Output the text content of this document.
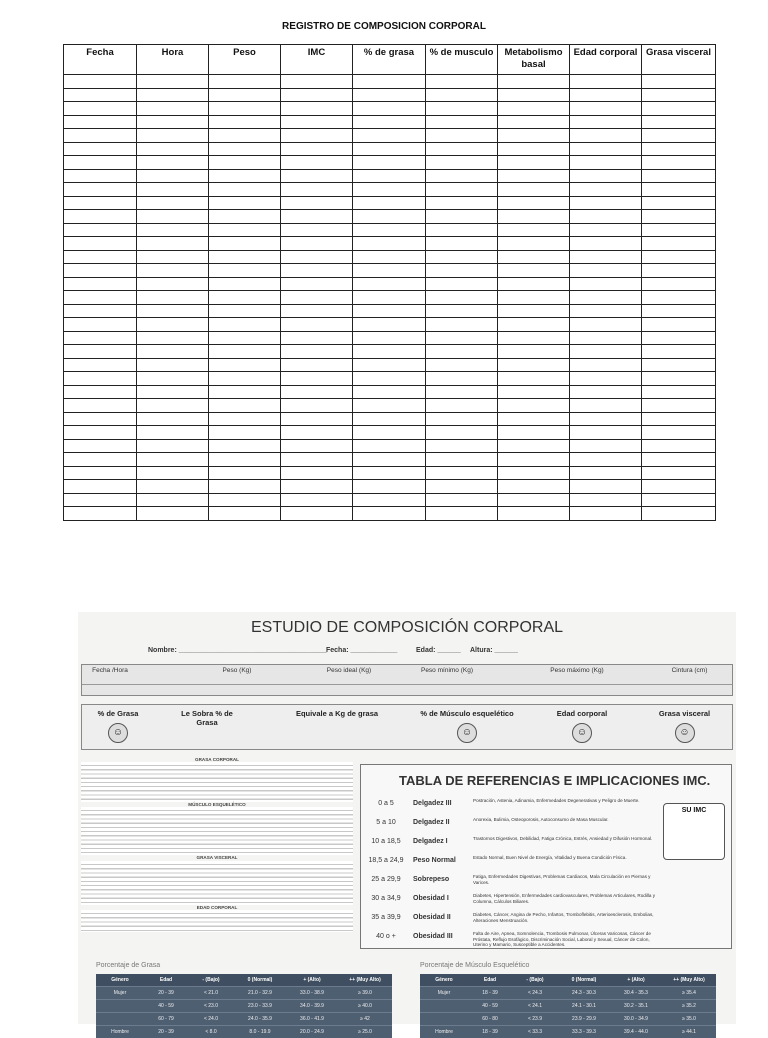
REGISTRO DE COMPOSICION CORPORAL
Fecha	Hora	Peso	IMC	% de grasa	% de musculo	Metabolismo basal	Edad corporal	Grasa visceral

ESTUDIO DE COMPOSICIÓN CORPORAL
Nombre: ______________________________________ Fecha: ____________	Edad: ______ Altura: ______
Fecha /Hora	Peso (Kg)	Peso ideal (Kg)	Peso mínimo (Kg)	Peso máximo (Kg)	Cintura (cm)
% de Grasa
☺
Le Sobra % de Grasa
Equivale a Kg de grasa	% de Músculo esquelético
☺
Edad corporal
☺
Grasa visceral
☺
GRASA CORPORAL
MÚSCULO ESQUELÉTICO
GRASA VISCERAL
EDAD CORPORAL
TABLA DE REFERENCIAS E IMPLICACIONES IMC.
0 a 5	Delgadez III	Postración, Astenia, Adinamia, Enfermedades Degenerativas y Peligro de Muerte.
5 a 10	Delgadez II	Anorexia, Bulimia, Osteoporosis, Autoconsumo de Masa Muscular.
10 a 18,5	Delgadez I	Trastornos Digestivos, Debilidad, Fatiga Crónica, Estrés, Ansiedad y Difusión Hormonal.
18,5 a 24,9	Peso Normal	Estado Normal, Buen Nivel de Energía, Vitalidad y Buena Condición Física.
25 a 29,9	Sobrepeso	Fatiga, Enfermedades Digestivas, Problemas Cardiacos, Mala Circulación en Piernas y Varices.
30 a 34,9	Obesidad I	Diabetes, Hipertensión, Enfermedades cardiovasculares, Problemas Articulares, Rodilla y Columna, Cálculos Biliares.
35 a 39,9	Obesidad II	Diabetes, Cáncer, Angina de Pecho, Infartos, Tromboflebitis, Arterioesclerosis, Embolias, Alteraciones Menstruación.
40 o +	Obesidad III	Falta de Aire, Apnea, Somnolencia, Trombosis Pulmonar, Úlceras Varicosas, Cáncer de Próstata, Reflujo Esofágico, Discriminación Social, Laboral y Sexual, Cáncer de Colon, Uterino y Mamario, Susceptible a Accidentes.
SU IMC
Porcentaje de Grasa
Género	Edad	- (Bajo)	0 (Normal)	+ (Alto)	++ (Muy Alto)
Mujer	20 - 39	< 21.0	21.0 - 32.9	33.0 - 38.9	≥ 39.0
	40 - 59	< 23.0	23.0 - 33.9	34.0 - 39.9	≥ 40.0
	60 - 79	< 24.0	24.0 - 35.9	36.0 - 41.9	≥ 42
Hombre	20 - 39	< 8.0	8.0 - 19.9	20.0 - 24.9	≥ 25.0
Porcentaje de Músculo Esquelético
Género	Edad	- (Bajo)	0 (Normal)	+ (Alto)	++ (Muy Alto)
Mujer	18 - 39	< 24.3	24.3 - 30.3	30.4 - 35.3	≥ 35.4
	40 - 59	< 24.1	24.1 - 30.1	30.2 - 35.1	≥ 35.2
	60 - 80	< 23.9	23.9 - 29.9	30.0 - 34.9	≥ 35.0
Hombre	18 - 39	< 33.3	33.3 - 39.3	39.4 - 44.0	≥ 44.1
